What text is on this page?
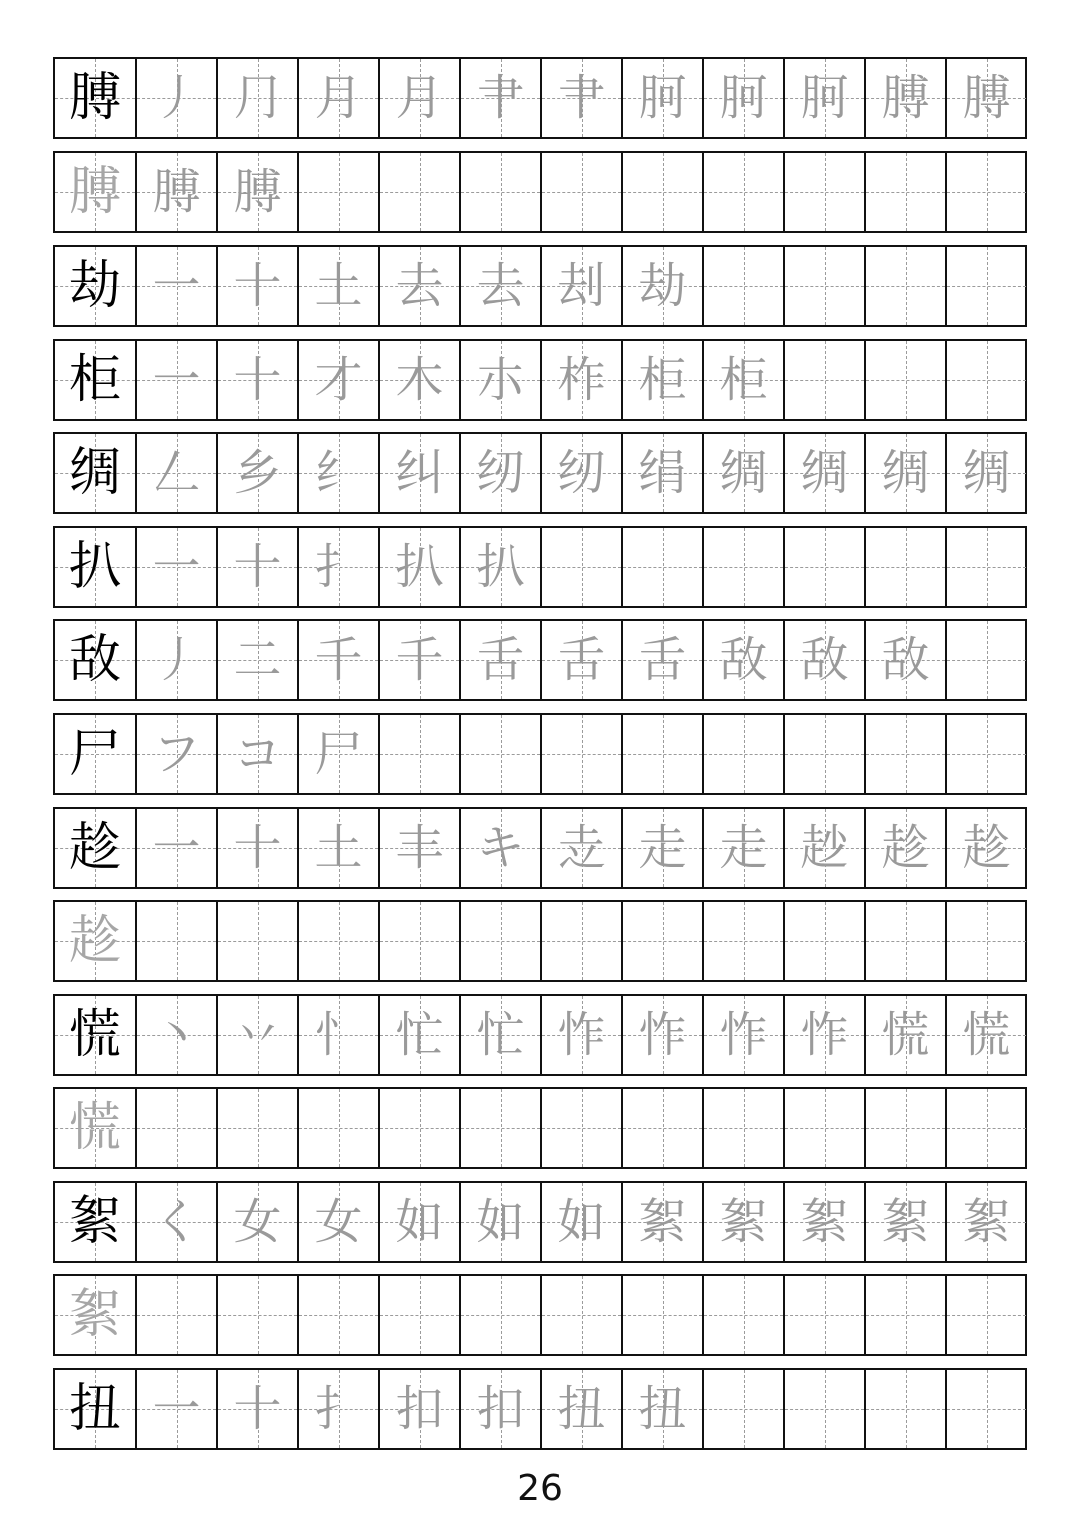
膊 丿 ⺆ 月 月 肀 肀 胢 胢 胢 膊 膊
膊 膊 膊
劫 一 十 土 去 去 刦 劫
柜 一 十 才 木 朩 柞 柜 柜
绸 𠃋 乡 纟 纠 纫 纫 绢 绸 绸 绸 绸
扒 一 十 扌 扒 扒
敌 丿 二 千 千 舌 舌 舌 敌 敌 敌
尸 フ コ 尸
趁 一 十 土 丰 キ 赱 走 走 赻 趁 趁
趁
慌 丶 丷 忄 忙 忙 怍 怍 怍 怍 慌 慌
慌
絮 く 女 女 如 如 如 絮 絮 絮 絮 絮
絮
扭 一 十 扌 扣 扣 扭 扭
26
